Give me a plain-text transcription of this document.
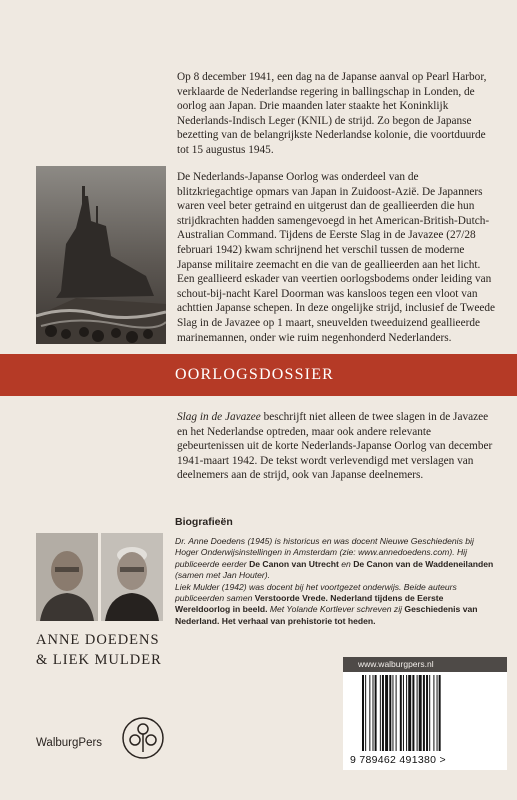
Op 8 december 1941, een dag na de Japanse aanval op Pearl Harbor, verklaarde de Nederlandse regering in ballingschap in Londen, de oorlog aan Japan. Drie maanden later staakte het Koninklijk Nederlands-Indisch Leger (KNIL) de strijd. Zo begon de Japanse bezetting van de belangrijkste Nederlandse kolonie, die voortduurde tot 15 augustus 1945.

De Nederlands-Japanse Oorlog was onderdeel van de blitzkriegachtige opmars van Japan in Zuidoost-Azië. De Japanners waren veel beter getraind en uitgerust dan de geallieerden die hun strijdkrachten hadden samengevoegd in het American-British-Dutch-Australian Command. Tijdens de Eerste Slag in de Javazee (27/28 februari 1942) kwam schrijnend het verschil tussen de moderne Japanse militaire zeemacht en die van de geallieerden aan het licht. Een geallieerd eskader van veertien oorlogsbodems onder leiding van schout-bij-nacht Karel Doorman was kansloos tegen een vloot van achttien Japanse schepen. In deze ongelijke strijd, inclusief de Tweede Slag in de Javazee op 1 maart, sneuvelden tweeduizend geallieerde marinemannen, onder wie ruim negenhonderd Nederlanders.

OORLOGSDOSSIER

Slag in de Javazee beschrijft niet alleen de twee slagen in de Javazee en het Nederlandse optreden, maar ook andere relevante gebeurtenissen uit de korte Nederlands-Japanse Oorlog van december 1941-maart 1942. De tekst wordt verlevendigd met verslagen van deelnemers aan de strijd, ook van Japanse deelnemers.

Biografieën

Dr. Anne Doedens (1945) is historicus en was docent Nieuwe Geschiedenis bij Hoger Onderwijsinstellingen in Amsterdam (zie: www.annedoedens.com). Hij publiceerde eerder De Canon van Utrecht en De Canon van de Waddeneilanden (samen met Jan Houter).
Liek Mulder (1942) was docent bij het voortgezet onderwijs. Beide auteurs publiceerden samen Verstoorde Vrede. Nederland tijdens de Eerste Wereldoorlog in beeld. Met Yolande Kortlever schreven zij Geschiedenis van Nederland. Het verhaal van prehistorie tot heden.

ANNE DOEDENS
& LIEK MULDER

WalburgPers

www.walburgpers.nl

9 789462 491380 >
